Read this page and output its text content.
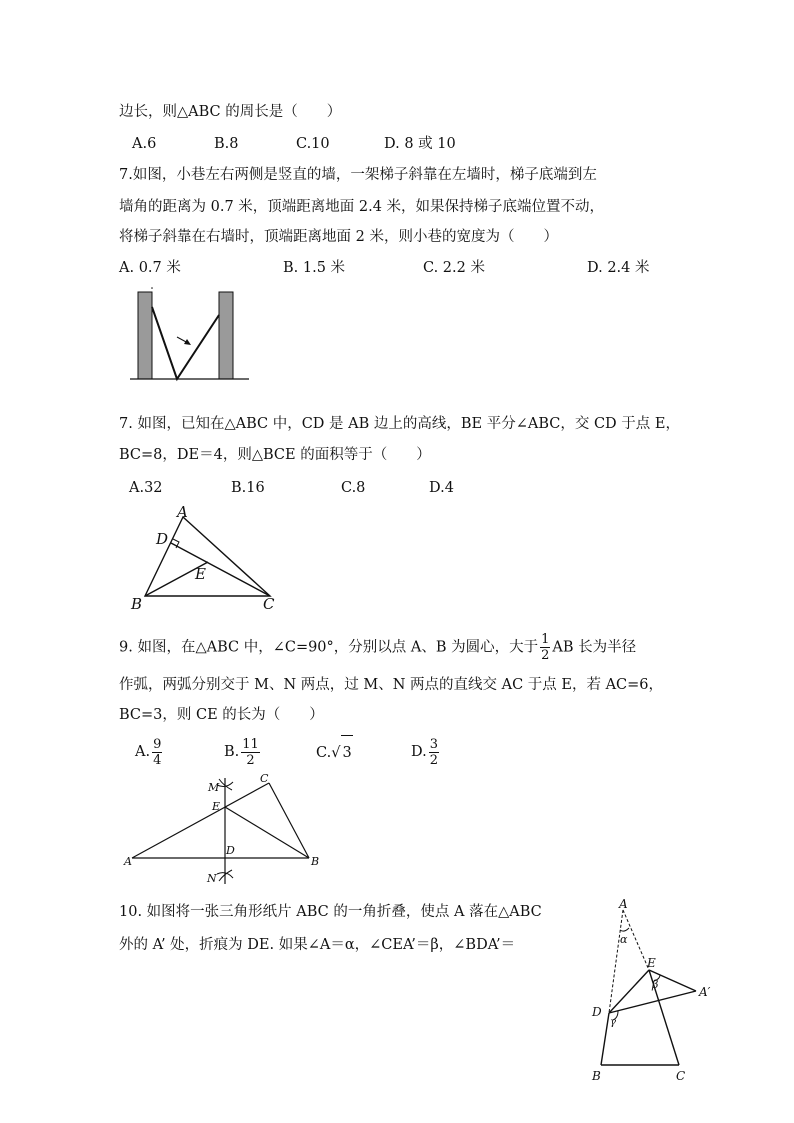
边长，则△ABC 的周长是（　　）
A.6	B.8	C.10	D. 8 或 10
7.如图，小巷左右两侧是竖直的墙，一架梯子斜靠在左墙时，梯子底端到左
墙角的距离为 0.7 米，顶端距离地面 2.4 米，如果保持梯子底端位置不动，
将梯子斜靠在右墙时，顶端距离地面 2 米，则小巷的宽度为（　　）
A. 0.7 米	B. 1.5 米	C. 2.2 米	D. 2.4 米
7. 如图，已知在△ABC 中，CD 是 AB 边上的高线，BE 平分∠ABC，交 CD 于点 E，
BC=8，DE＝4，则△BCE 的面积等于（　　）
A.32	B.16	C.8	D.4
A
D
E
B	C
9. 如图，在△ABC 中，∠C=90°，分别以点 A、B 为圆心，大于 $\frac{1}{2}$ AB 长为半径
作弧，两弧分别交于 M、N 两点，过 M、N 两点的直线交 AC 于点 E，若 AC=6，
BC=3，则 CE 的长为（　　）
A. $\frac{9}{4}$	B. $\frac{11}{2}$	C.√ 3	D. $\frac{3}{2}$
M
C
E
D
A	B
N
10. 如图将一张三角形纸片 ABC 的一角折叠，使点 A 落在△ABC
外的 A’ 处，折痕为 DE. 如果∠A＝α，∠CEA’＝β，∠BDA’＝
A
α
E
β
A′
D
γ
B	C
